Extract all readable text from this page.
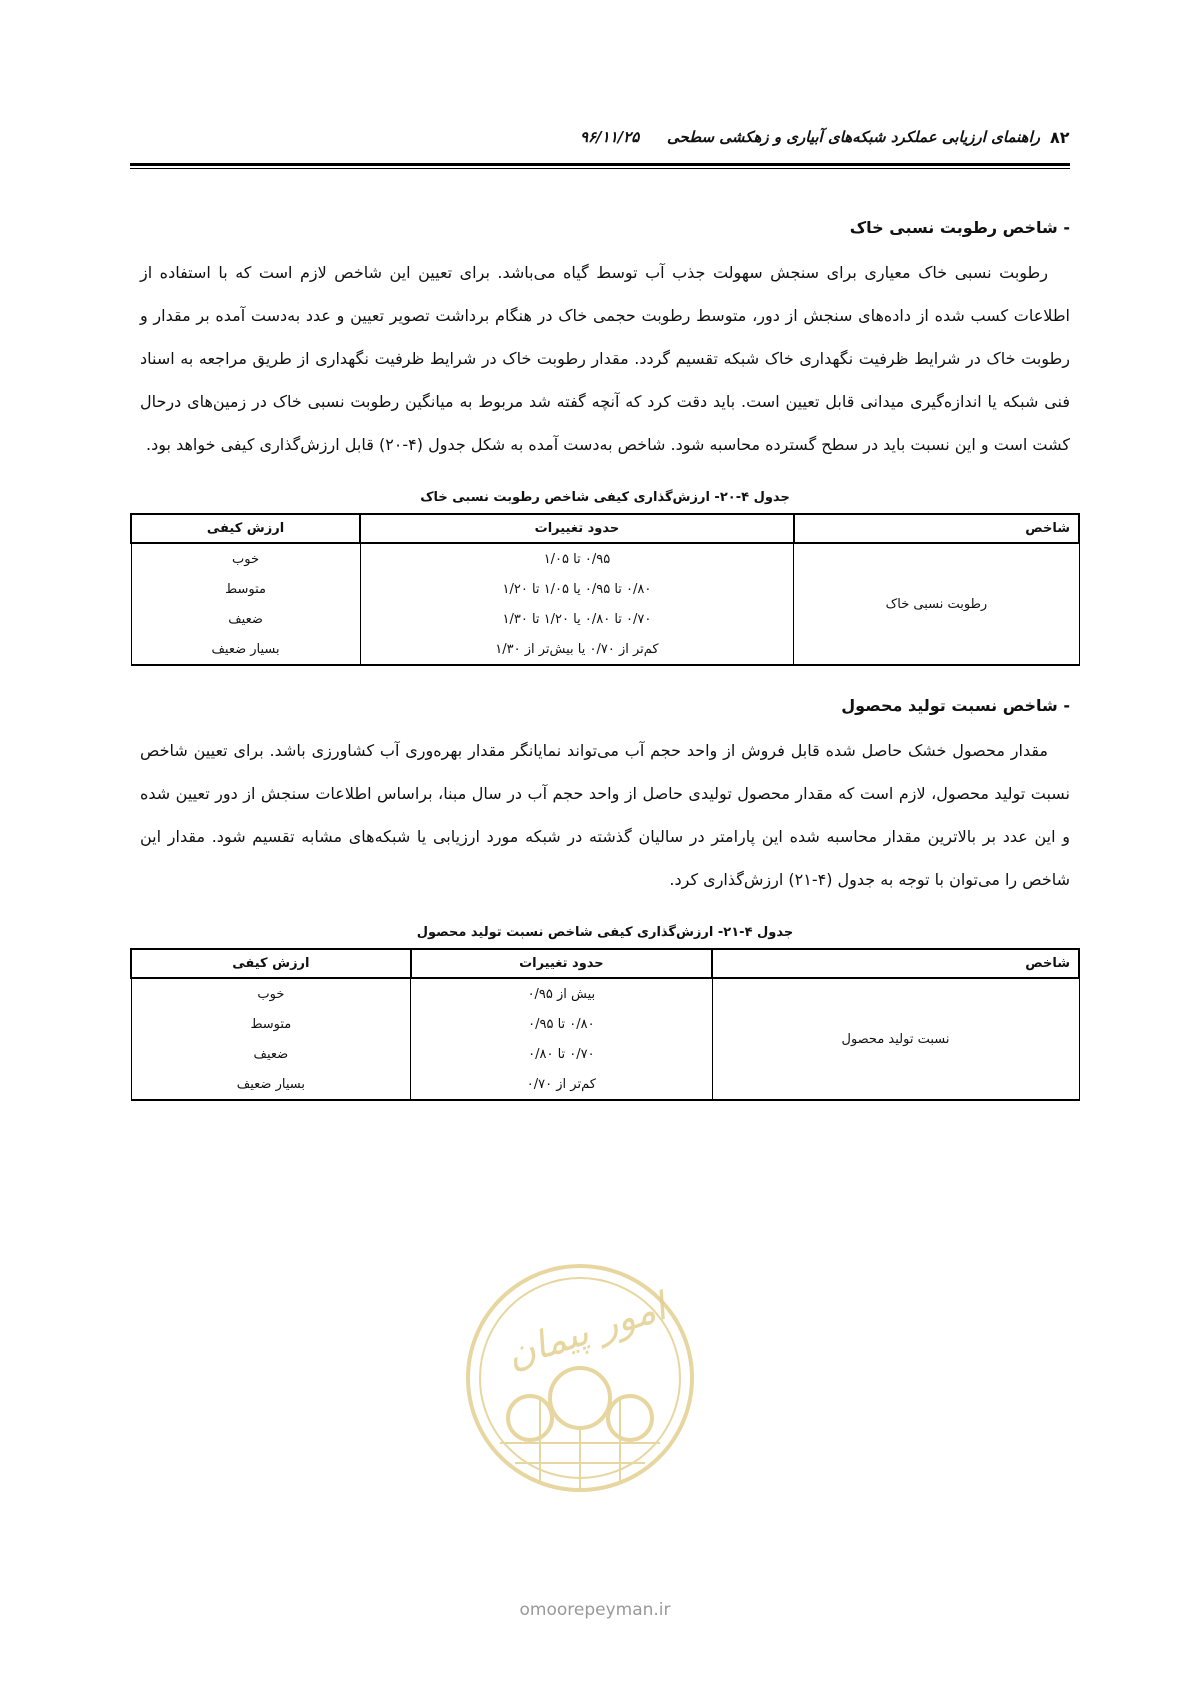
راهنمای ارزیابی عملکرد شبکه‌های آبیاری و زهکشی سطحی
۹۶/۱۱/۲۵	۸۲
- شاخص رطوبت نسبی خاک

رطوبت نسبی خاک معیاری برای سنجش سهولت جذب آب توسط گیاه می‌باشد. برای تعیین این شاخص لازم است که با استفاده از اطلاعات کسب شده از داده‌های سنجش از دور، متوسط رطوبت حجمی خاک در هنگام برداشت تصویر تعیین و عدد به‌دست آمده بر مقدار و رطوبت خاک در شرایط ظرفیت نگهداری خاک شبکه تقسیم گردد. مقدار رطوبت خاک در شرایط ظرفیت نگهداری از طریق مراجعه به اسناد فنی شبکه یا اندازه‌گیری میدانی قابل تعیین است. باید دقت کرد که آنچه گفته شد مربوط به میانگین رطوبت نسبی خاک در زمین‌های درحال کشت است و این نسبت باید در سطح گسترده محاسبه شود. شاخص به‌دست آمده به شکل جدول (۴-۲۰) قابل ارزش‌گذاری کیفی خواهد بود.

جدول ۴-۲۰- ارزش‌گذاری کیفی شاخص رطوبت نسبی خاک
شاخص	حدود تغییرات	ارزش کیفی
رطوبت نسبی خاک	۰/۹۵ تا ۱/۰۵	خوب
	۰/۸۰ تا ۰/۹۵ یا ۱/۰۵ تا ۱/۲۰	متوسط
	۰/۷۰ تا ۰/۸۰ یا ۱/۲۰ تا ۱/۳۰	ضعیف
	کم‌تر از ۰/۷۰ یا بیش‌تر از ۱/۳۰	بسیار ضعیف
- شاخص نسبت تولید محصول

مقدار محصول خشک حاصل شده قابل فروش از واحد حجم آب می‌تواند نمایانگر مقدار بهره‌وری آب کشاورزی باشد. برای تعیین شاخص نسبت تولید محصول، لازم است که مقدار محصول تولیدی حاصل از واحد حجم آب در سال مبنا، براساس اطلاعات سنجش از دور تعیین شده و این عدد بر بالاترین مقدار محاسبه شده این پارامتر در سالیان گذشته در شبکه مورد ارزیابی یا شبکه‌های مشابه تقسیم شود. مقدار این شاخص را می‌توان با توجه به جدول (۴-۲۱) ارزش‌گذاری کرد.

جدول ۴-۲۱- ارزش‌گذاری کیفی شاخص نسبت تولید محصول
شاخص	حدود تغییرات	ارزش کیفی
نسبت تولید محصول	بیش از ۰/۹۵	خوب
	۰/۸۰ تا ۰/۹۵	متوسط
	۰/۷۰ تا ۰/۸۰	ضعیف
	کم‌تر از ۰/۷۰	بسیار ضعیف
امور پیمان
omoorepeyman.ir
